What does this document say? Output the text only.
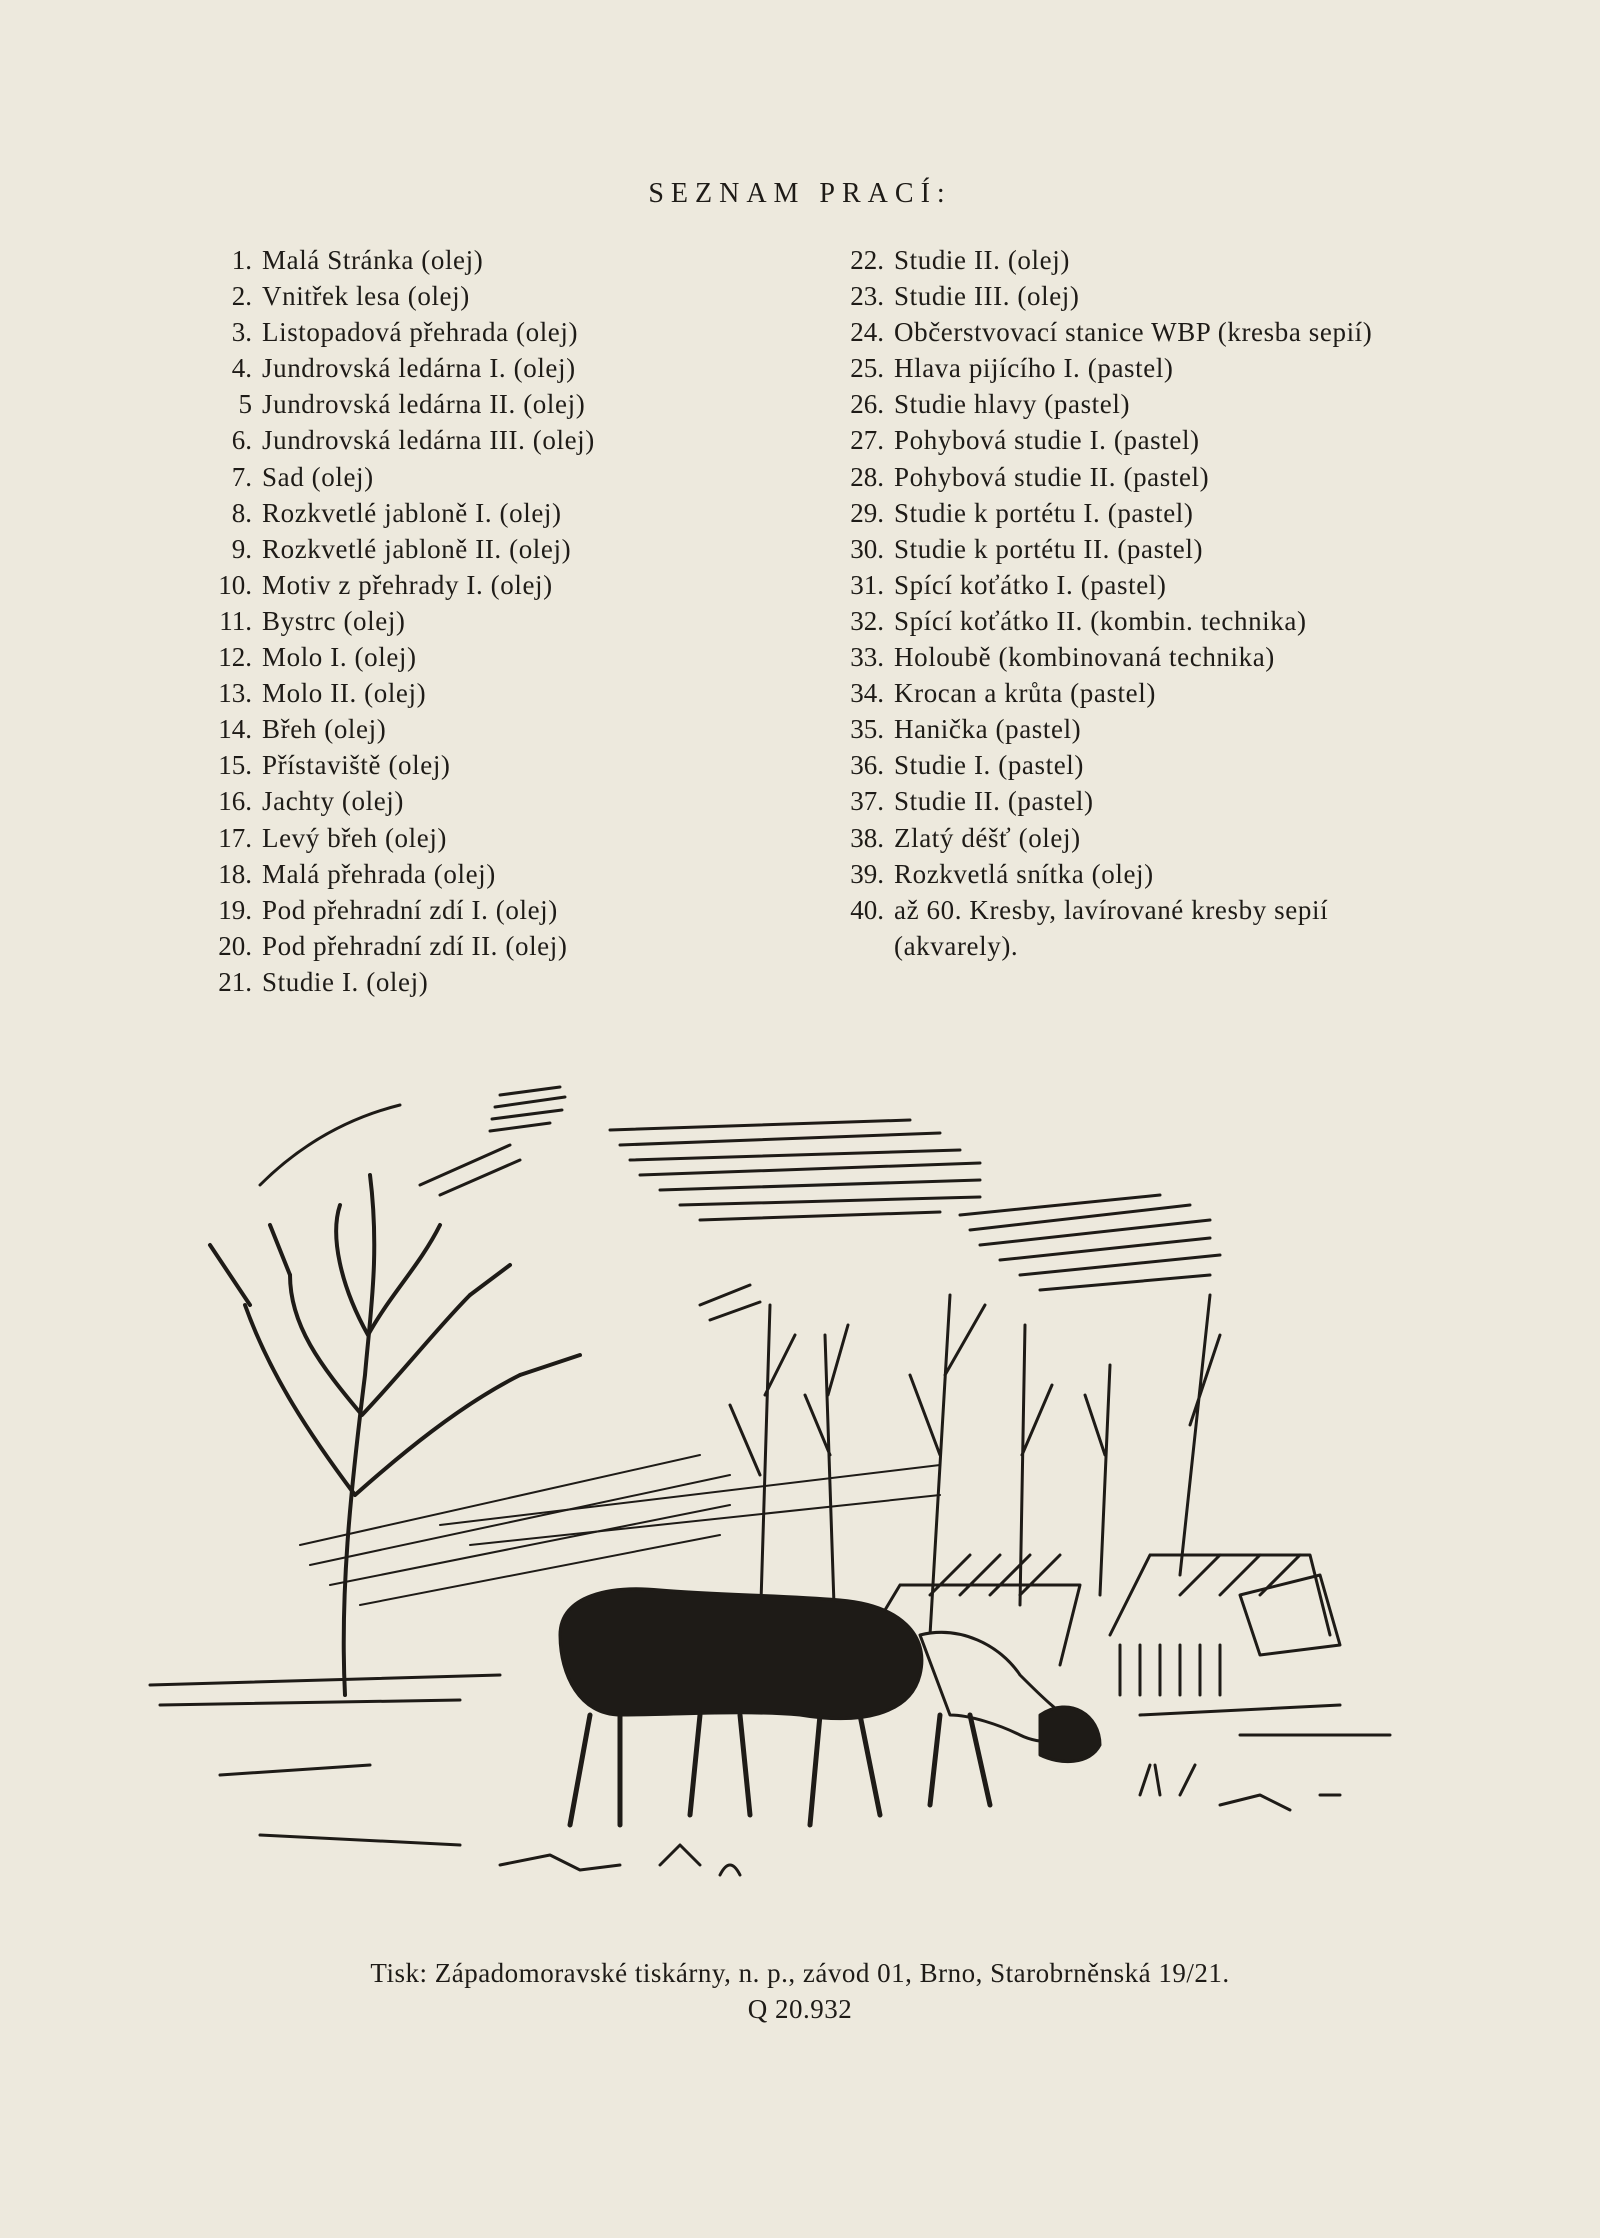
SEZNAM PRACÍ:
1. Malá Stránka (olej)
2. Vnitřek lesa (olej)
3. Listopadová přehrada (olej)
4. Jundrovská ledárna I. (olej)
5 Jundrovská ledárna II. (olej)
6. Jundrovská ledárna III. (olej)
7. Sad (olej)
8. Rozkvetlé jabloně I. (olej)
9. Rozkvetlé jabloně II. (olej)
10. Motiv z přehrady I. (olej)
11. Bystrc (olej)
12. Molo I. (olej)
13. Molo II. (olej)
14. Břeh (olej)
15. Přístaviště (olej)
16. Jachty (olej)
17. Levý břeh (olej)
18. Malá přehrada (olej)
19. Pod přehradní zdí I. (olej)
20. Pod přehradní zdí II. (olej)
21. Studie I. (olej)
22. Studie II. (olej)
23. Studie III. (olej)
24. Občerstvovací stanice WBP (kresba sepií)
25. Hlava pijícího I. (pastel)
26. Studie hlavy (pastel)
27. Pohybová studie I. (pastel)
28. Pohybová studie II. (pastel)
29. Studie k portétu I. (pastel)
30. Studie k portétu II. (pastel)
31. Spící koťátko I. (pastel)
32. Spící koťátko II. (kombin. technika)
33. Holoubě (kombinovaná technika)
34. Krocan a krůta (pastel)
35. Hanička (pastel)
36. Studie I. (pastel)
37. Studie II. (pastel)
38. Zlatý déšť (olej)
39. Rozkvetlá snítka (olej)
40. až 60. Kresby, lavírované kresby sepií (akvarely).
Tisk: Západomoravské tiskárny, n. p., závod 01, Brno, Starobrněnská 19/21.
Q 20.932
